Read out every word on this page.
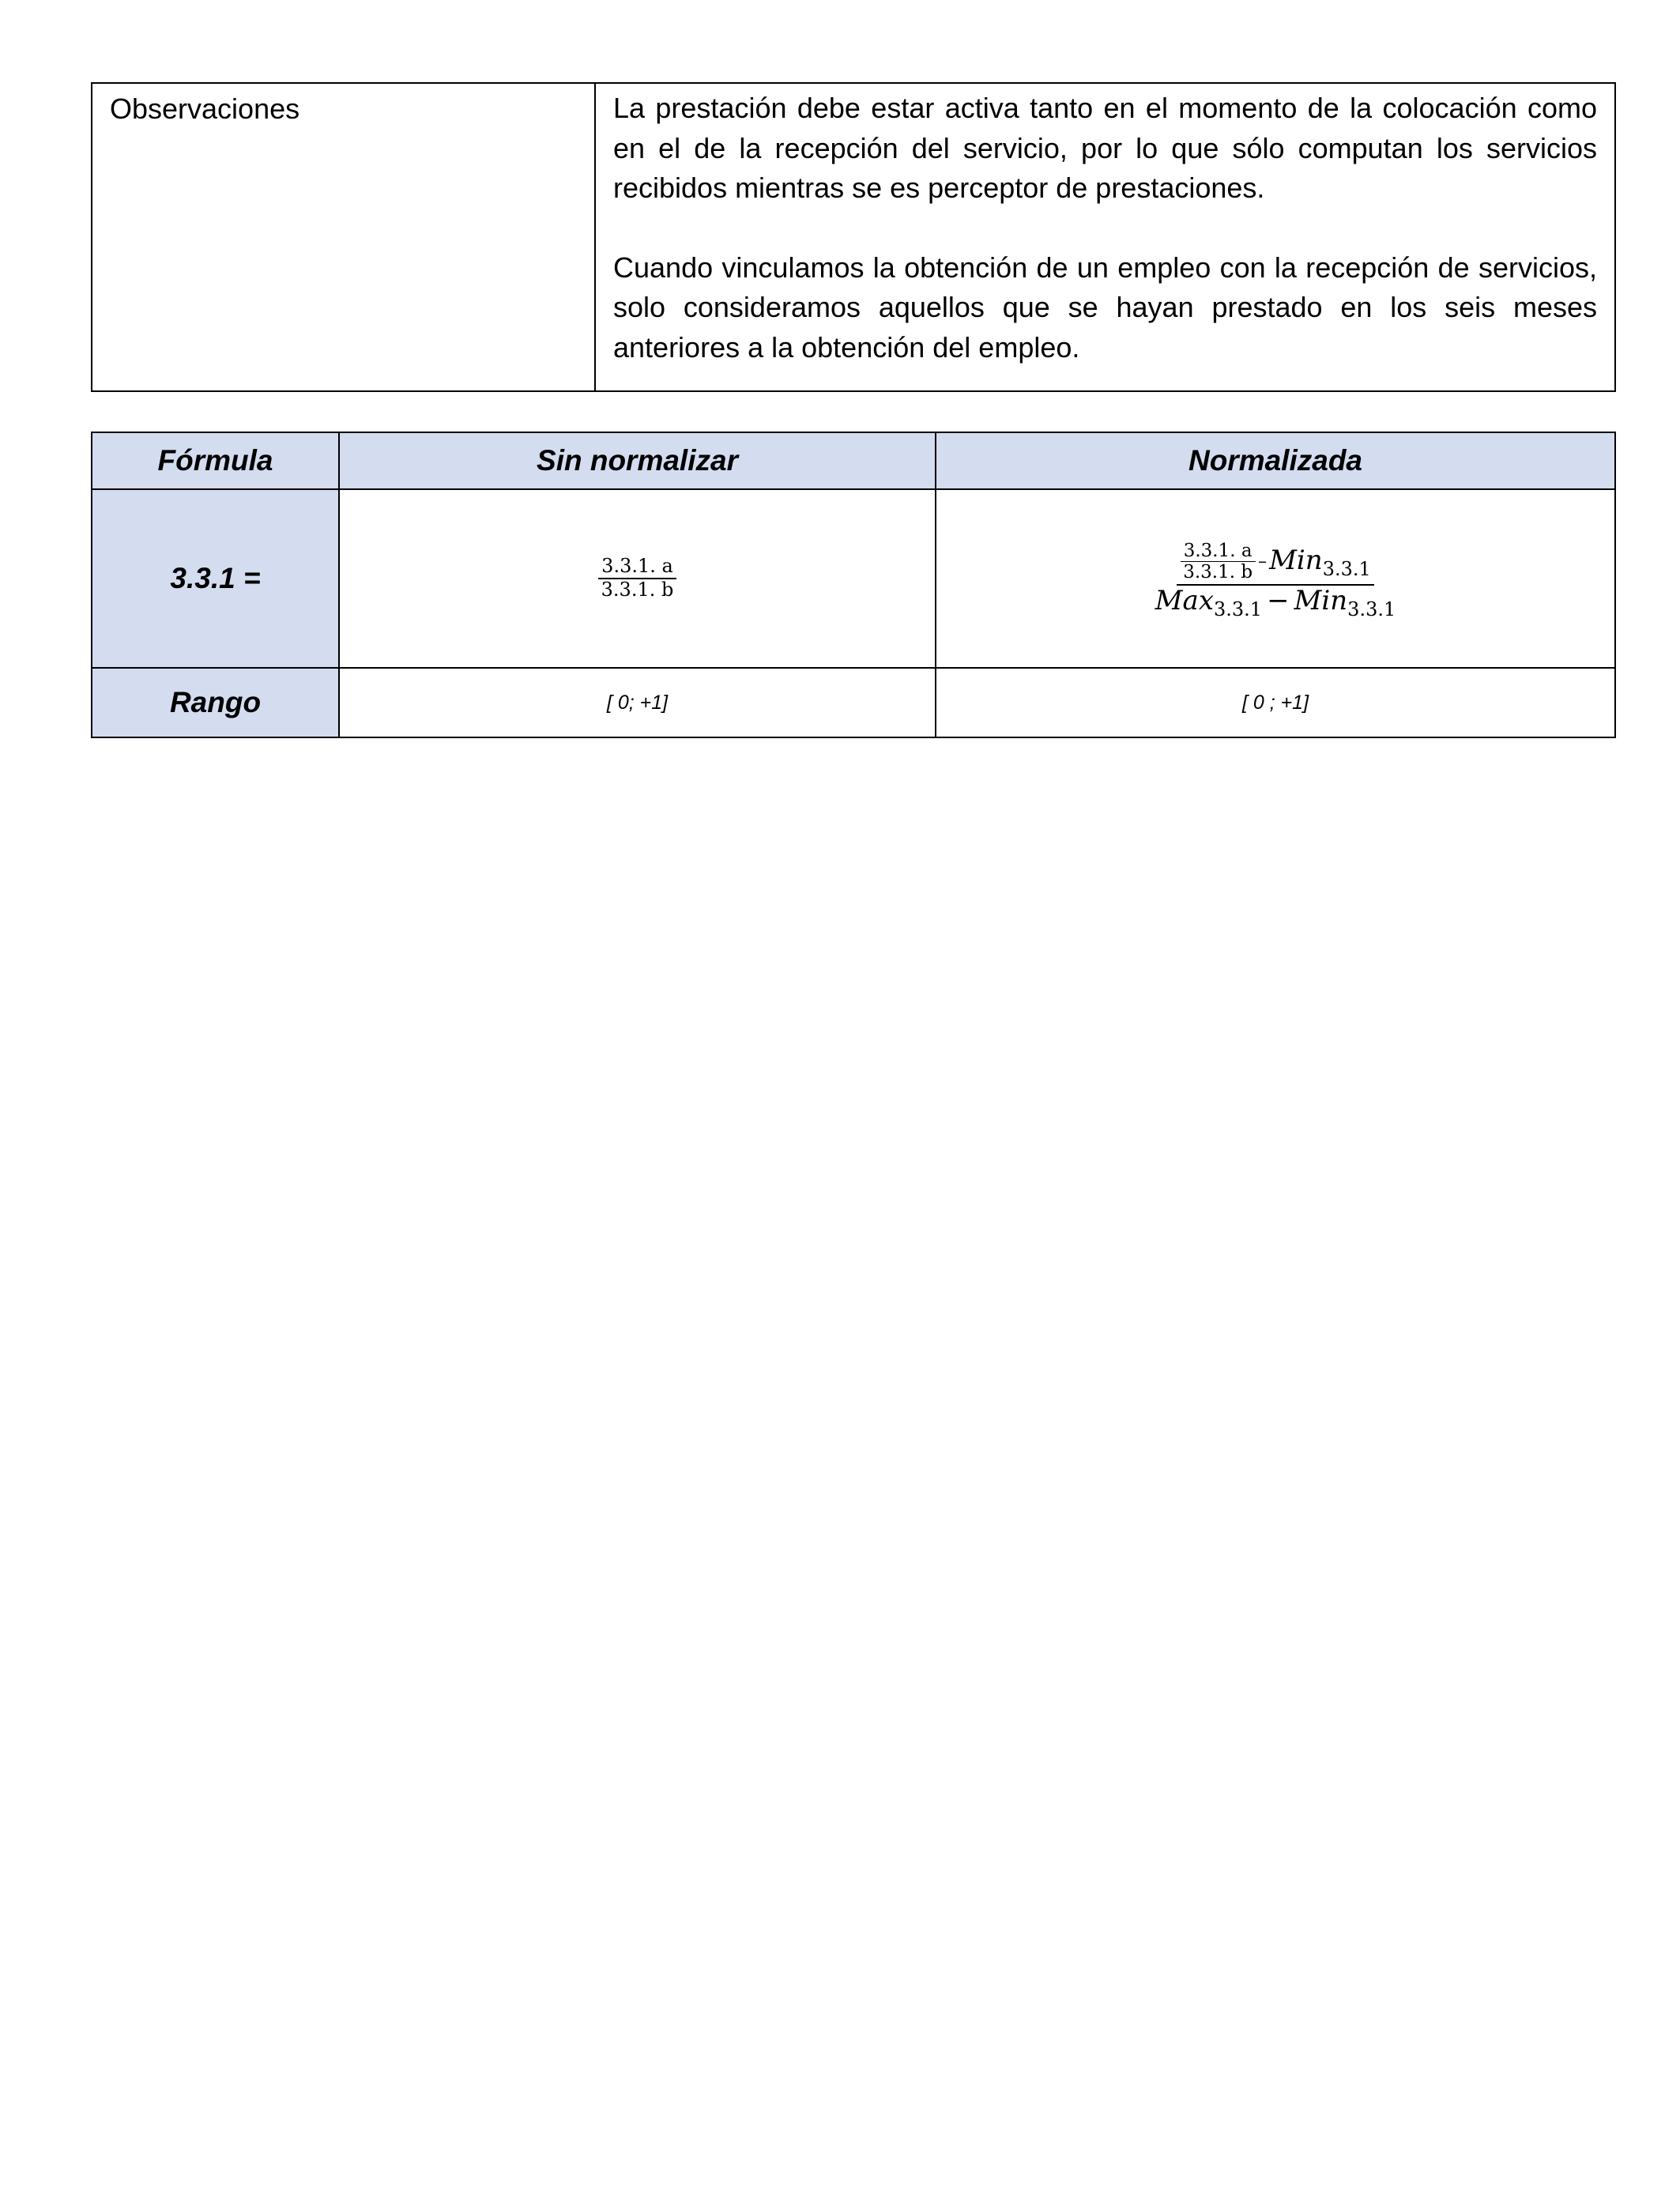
Observaciones	La prestación debe estar activa tanto en el momento de la colocación como en el de la recepción del servicio, por lo que sólo computan los servicios recibidos mientras se es perceptor de prestaciones.

Cuando vinculamos la obtención de un empleo con la recepción de servicios, solo consideramos aquellos que se hayan prestado en los seis meses anteriores a la obtención del empleo.

Fórmula	Sin normalizar	Normalizada
3.3.1 =	$\frac{3.3.1. a}{3.3.1. b}$	$\frac{\frac{3.3.1. a}{3.3.1. b} -Min_{3.3.1}}{Max_{3.3.1} - Min_{3.3.1}}$

Rango	[ 0; +1]	[ 0 ; +1]
